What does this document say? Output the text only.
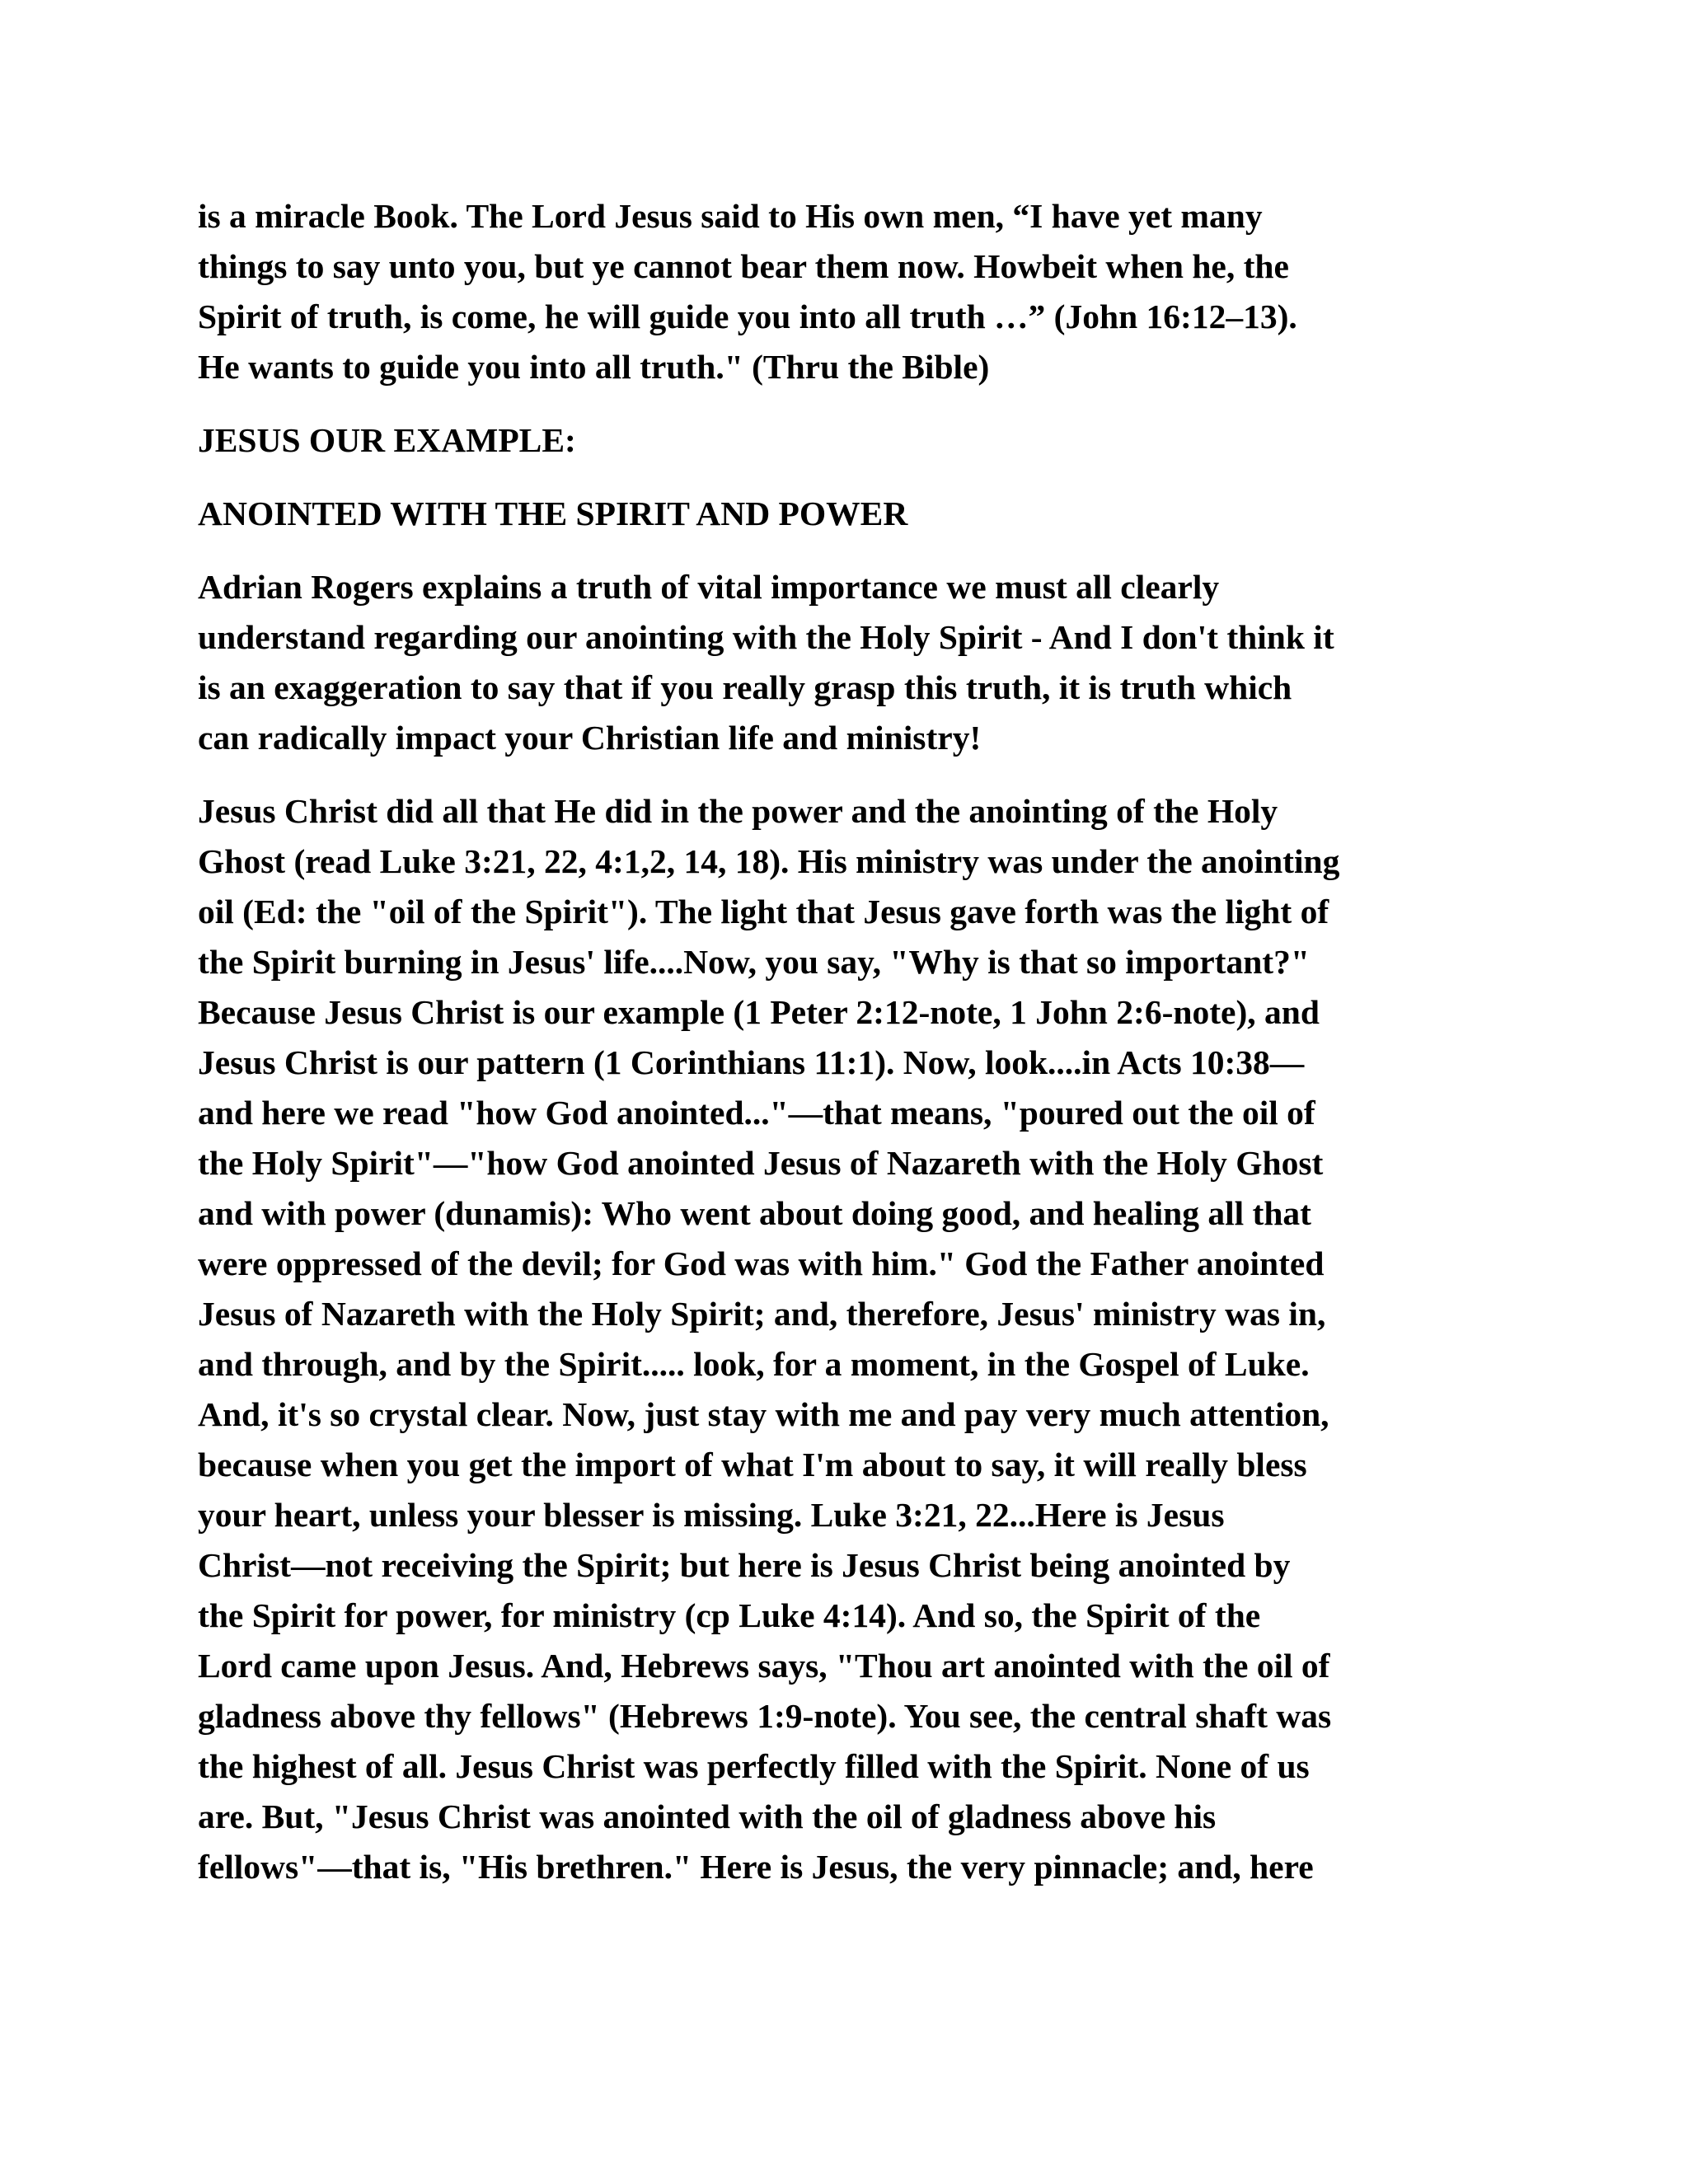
is a miracle Book. The Lord Jesus said to His own men, “I have yet many
things to say unto you, but ye cannot bear them now. Howbeit when he, the
Spirit of truth, is come, he will guide you into all truth …” (John 16:12–13).
He wants to guide you into all truth." (Thru the Bible)
JESUS OUR EXAMPLE:
ANOINTED WITH THE SPIRIT AND POWER
Adrian Rogers explains a truth of vital importance we must all clearly
understand regarding our anointing with the Holy Spirit - And I don't think it
is an exaggeration to say that if you really grasp this truth, it is truth which
can radically impact your Christian life and ministry!
Jesus Christ did all that He did in the power and the anointing of the Holy
Ghost (read Luke 3:21, 22, 4:1,2, 14, 18). His ministry was under the anointing
oil (Ed: the "oil of the Spirit"). The light that Jesus gave forth was the light of
the Spirit burning in Jesus' life....Now, you say, "Why is that so important?"
Because Jesus Christ is our example (1 Peter 2:12-note, 1 John 2:6-note), and
Jesus Christ is our pattern (1 Corinthians 11:1). Now, look....in Acts 10:38—
and here we read "how God anointed..."—that means, "poured out the oil of
the Holy Spirit"—"how God anointed Jesus of Nazareth with the Holy Ghost
and with power (dunamis): Who went about doing good, and healing all that
were oppressed of the devil; for God was with him." God the Father anointed
Jesus of Nazareth with the Holy Spirit; and, therefore, Jesus' ministry was in,
and through, and by the Spirit..... look, for a moment, in the Gospel of Luke.
And, it's so crystal clear. Now, just stay with me and pay very much attention,
because when you get the import of what I'm about to say, it will really bless
your heart, unless your blesser is missing. Luke 3:21, 22...Here is Jesus
Christ—not receiving the Spirit; but here is Jesus Christ being anointed by
the Spirit for power, for ministry (cp Luke 4:14). And so, the Spirit of the
Lord came upon Jesus. And, Hebrews says, "Thou art anointed with the oil of
gladness above thy fellows" (Hebrews 1:9-note). You see, the central shaft was
the highest of all. Jesus Christ was perfectly filled with the Spirit. None of us
are. But, "Jesus Christ was anointed with the oil of gladness above his
fellows"—that is, "His brethren." Here is Jesus, the very pinnacle; and, here
